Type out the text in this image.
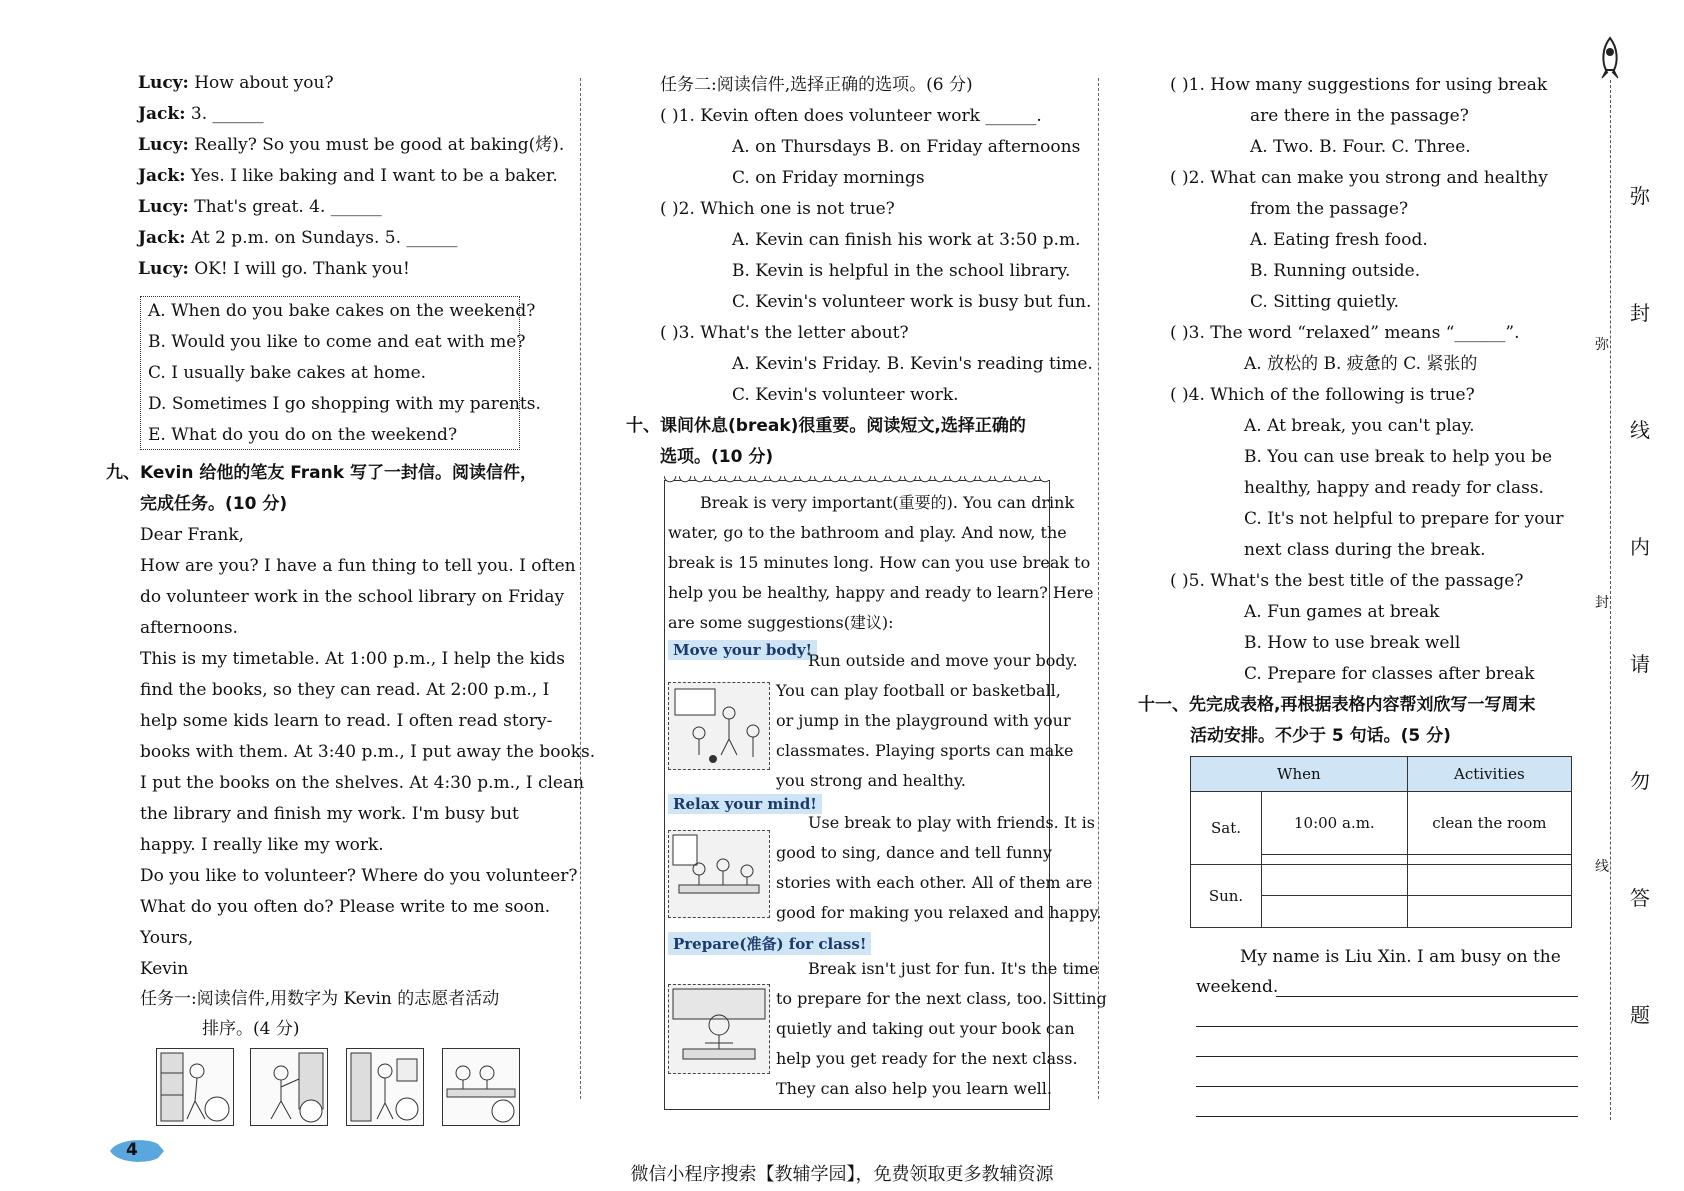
Lucy: How about you?
Jack: 3. ______
Lucy: Really? So you must be good at baking(烤).
Jack: Yes. I like baking and I want to be a baker.
Lucy: That's great. 4. ______
Jack: At 2 p.m. on Sundays. 5. ______
Lucy: OK! I will go. Thank you!
A. When do you bake cakes on the weekend?
B. Would you like to come and eat with me?
C. I usually bake cakes at home.
D. Sometimes I go shopping with my parents.
E. What do you do on the weekend?
九、Kevin 给他的笔友 Frank 写了一封信。阅读信件，
完成任务。(10 分)
Dear Frank,
How are you? I have a fun thing to tell you. I often
do volunteer work in the school library on Friday
afternoons.
This is my timetable. At 1:00 p.m., I help the kids
find the books, so they can read. At 2:00 p.m., I
help some kids learn to read. I often read story-
books with them. At 3:40 p.m., I put away the books.
I put the books on the shelves. At 4:30 p.m., I clean
the library and finish my work. I'm busy but
happy. I really like my work.
Do you like to volunteer? Where do you volunteer?
What do you often do? Please write to me soon.
Yours,
Kevin
任务一:阅读信件,用数字为 Kevin 的志愿者活动
排序。(4 分)
任务二:阅读信件,选择正确的选项。(6 分)
( )1. Kevin often does volunteer work ______.
A. on Thursdays B. on Friday afternoons
C. on Friday mornings
( )2. Which one is not true?
A. Kevin can finish his work at 3:50 p.m.
B. Kevin is helpful in the school library.
C. Kevin's volunteer work is busy but fun.
( )3. What's the letter about?
A. Kevin's Friday. B. Kevin's reading time.
C. Kevin's volunteer work.
十、课间休息(break)很重要。阅读短文,选择正确的
选项。(10 分)
Break is very important(重要的). You can drink
water, go to the bathroom and play. And now, the
break is 15 minutes long. How can you use break to
help you be healthy, happy and ready to learn? Here
are some suggestions(建议):
Move your body!
Run outside and move your body.
You can play football or basketball,
or jump in the playground with your
classmates. Playing sports can make
you strong and healthy.
Relax your mind!
Use break to play with friends. It is
good to sing, dance and tell funny
stories with each other. All of them are
good for making you relaxed and happy.
Prepare(准备) for class!
Break isn't just for fun. It's the time
to prepare for the next class, too. Sitting
quietly and taking out your book can
help you get ready for the next class.
They can also help you learn well.
( )1. How many suggestions for using break
are there in the passage?
A. Two. B. Four. C. Three.
( )2. What can make you strong and healthy
from the passage?
A. Eating fresh food.
B. Running outside.
C. Sitting quietly.
( )3. The word “relaxed” means “______”.
A. 放松的 B. 疲惫的 C. 紧张的
( )4. Which of the following is true?
A. At break, you can't play.
B. You can use break to help you be
healthy, happy and ready for class.
C. It's not helpful to prepare for your
next class during the break.
( )5. What's the best title of the passage?
A. Fun games at break
B. How to use break well
C. Prepare for classes after break
十一、先完成表格,再根据表格内容帮刘欣写一写周末
活动安排。不少于 5 句话。(5 分)
When		Activities
Sat.	10:00 a.m.	clean the room

Sun.		

My name is Liu Xin. I am busy on the
weekend.
弥
封
线
内
请
勿
答
题
弥
封
线
4
微信小程序搜索【教辅学园】，免费领取更多教辅资源
